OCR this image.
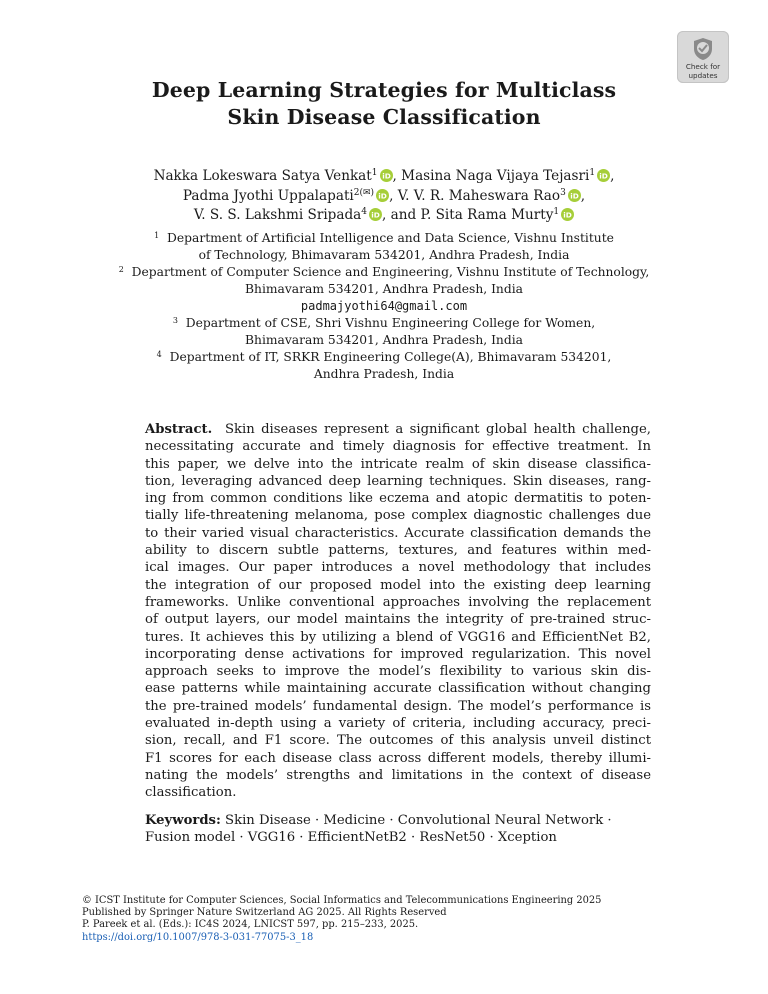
Check for
updates
Deep Learning Strategies for Multiclass
Skin Disease Classification
Nakka Lokeswara Satya Venkat$^1$ iD , Masina Naga Vijaya Tejasri$^1$ iD ,
Padma Jyothi Uppalapati$^{2(✉)}$ iD , V. V. R. Maheswara Rao$^3$ iD ,
V. S. S. Lakshmi Sripada$^4$ iD , and P. Sita Rama Murty$^1$ iD
$^1$ Department of Artificial Intelligence and Data Science, Vishnu Institute
of Technology, Bhimavaram 534201, Andhra Pradesh, India
$^2$ Department of Computer Science and Engineering, Vishnu Institute of Technology,
Bhimavaram 534201, Andhra Pradesh, India
padmajyothi64@gmail.com
$^3$ Department of CSE, Shri Vishnu Engineering College for Women,
Bhimavaram 534201, Andhra Pradesh, India
$^4$ Department of IT, SRKR Engineering College(A), Bhimavaram 534201,
Andhra Pradesh, India
Abstract. Skin diseases represent a significant global health challenge,
necessitating accurate and timely diagnosis for effective treatment. In
this paper, we delve into the intricate realm of skin disease classifica-
tion, leveraging advanced deep learning techniques. Skin diseases, rang-
ing from common conditions like eczema and atopic dermatitis to poten-
tially life-threatening melanoma, pose complex diagnostic challenges due
to their varied visual characteristics. Accurate classification demands the
ability to discern subtle patterns, textures, and features within med-
ical images. Our paper introduces a novel methodology that includes
the integration of our proposed model into the existing deep learning
frameworks. Unlike conventional approaches involving the replacement
of output layers, our model maintains the integrity of pre-trained struc-
tures. It achieves this by utilizing a blend of VGG16 and EfficientNet B2,
incorporating dense activations for improved regularization. This novel
approach seeks to improve the model’s flexibility to various skin dis-
ease patterns while maintaining accurate classification without changing
the pre-trained models’ fundamental design. The model’s performance is
evaluated in-depth using a variety of criteria, including accuracy, preci-
sion, recall, and F1 score. The outcomes of this analysis unveil distinct
F1 scores for each disease class across different models, thereby illumi-
nating the models’ strengths and limitations in the context of disease
classification.
Keywords: Skin Disease · Medicine · Convolutional Neural Network ·
Fusion model · VGG16 · EfficientNetB2 · ResNet50 · Xception
© ICST Institute for Computer Sciences, Social Informatics and Telecommunications Engineering 2025
Published by Springer Nature Switzerland AG 2025. All Rights Reserved
P. Pareek et al. (Eds.): IC4S 2024, LNICST 597, pp. 215–233, 2025.
https://doi.org/10.1007/978-3-031-77075-3_18
